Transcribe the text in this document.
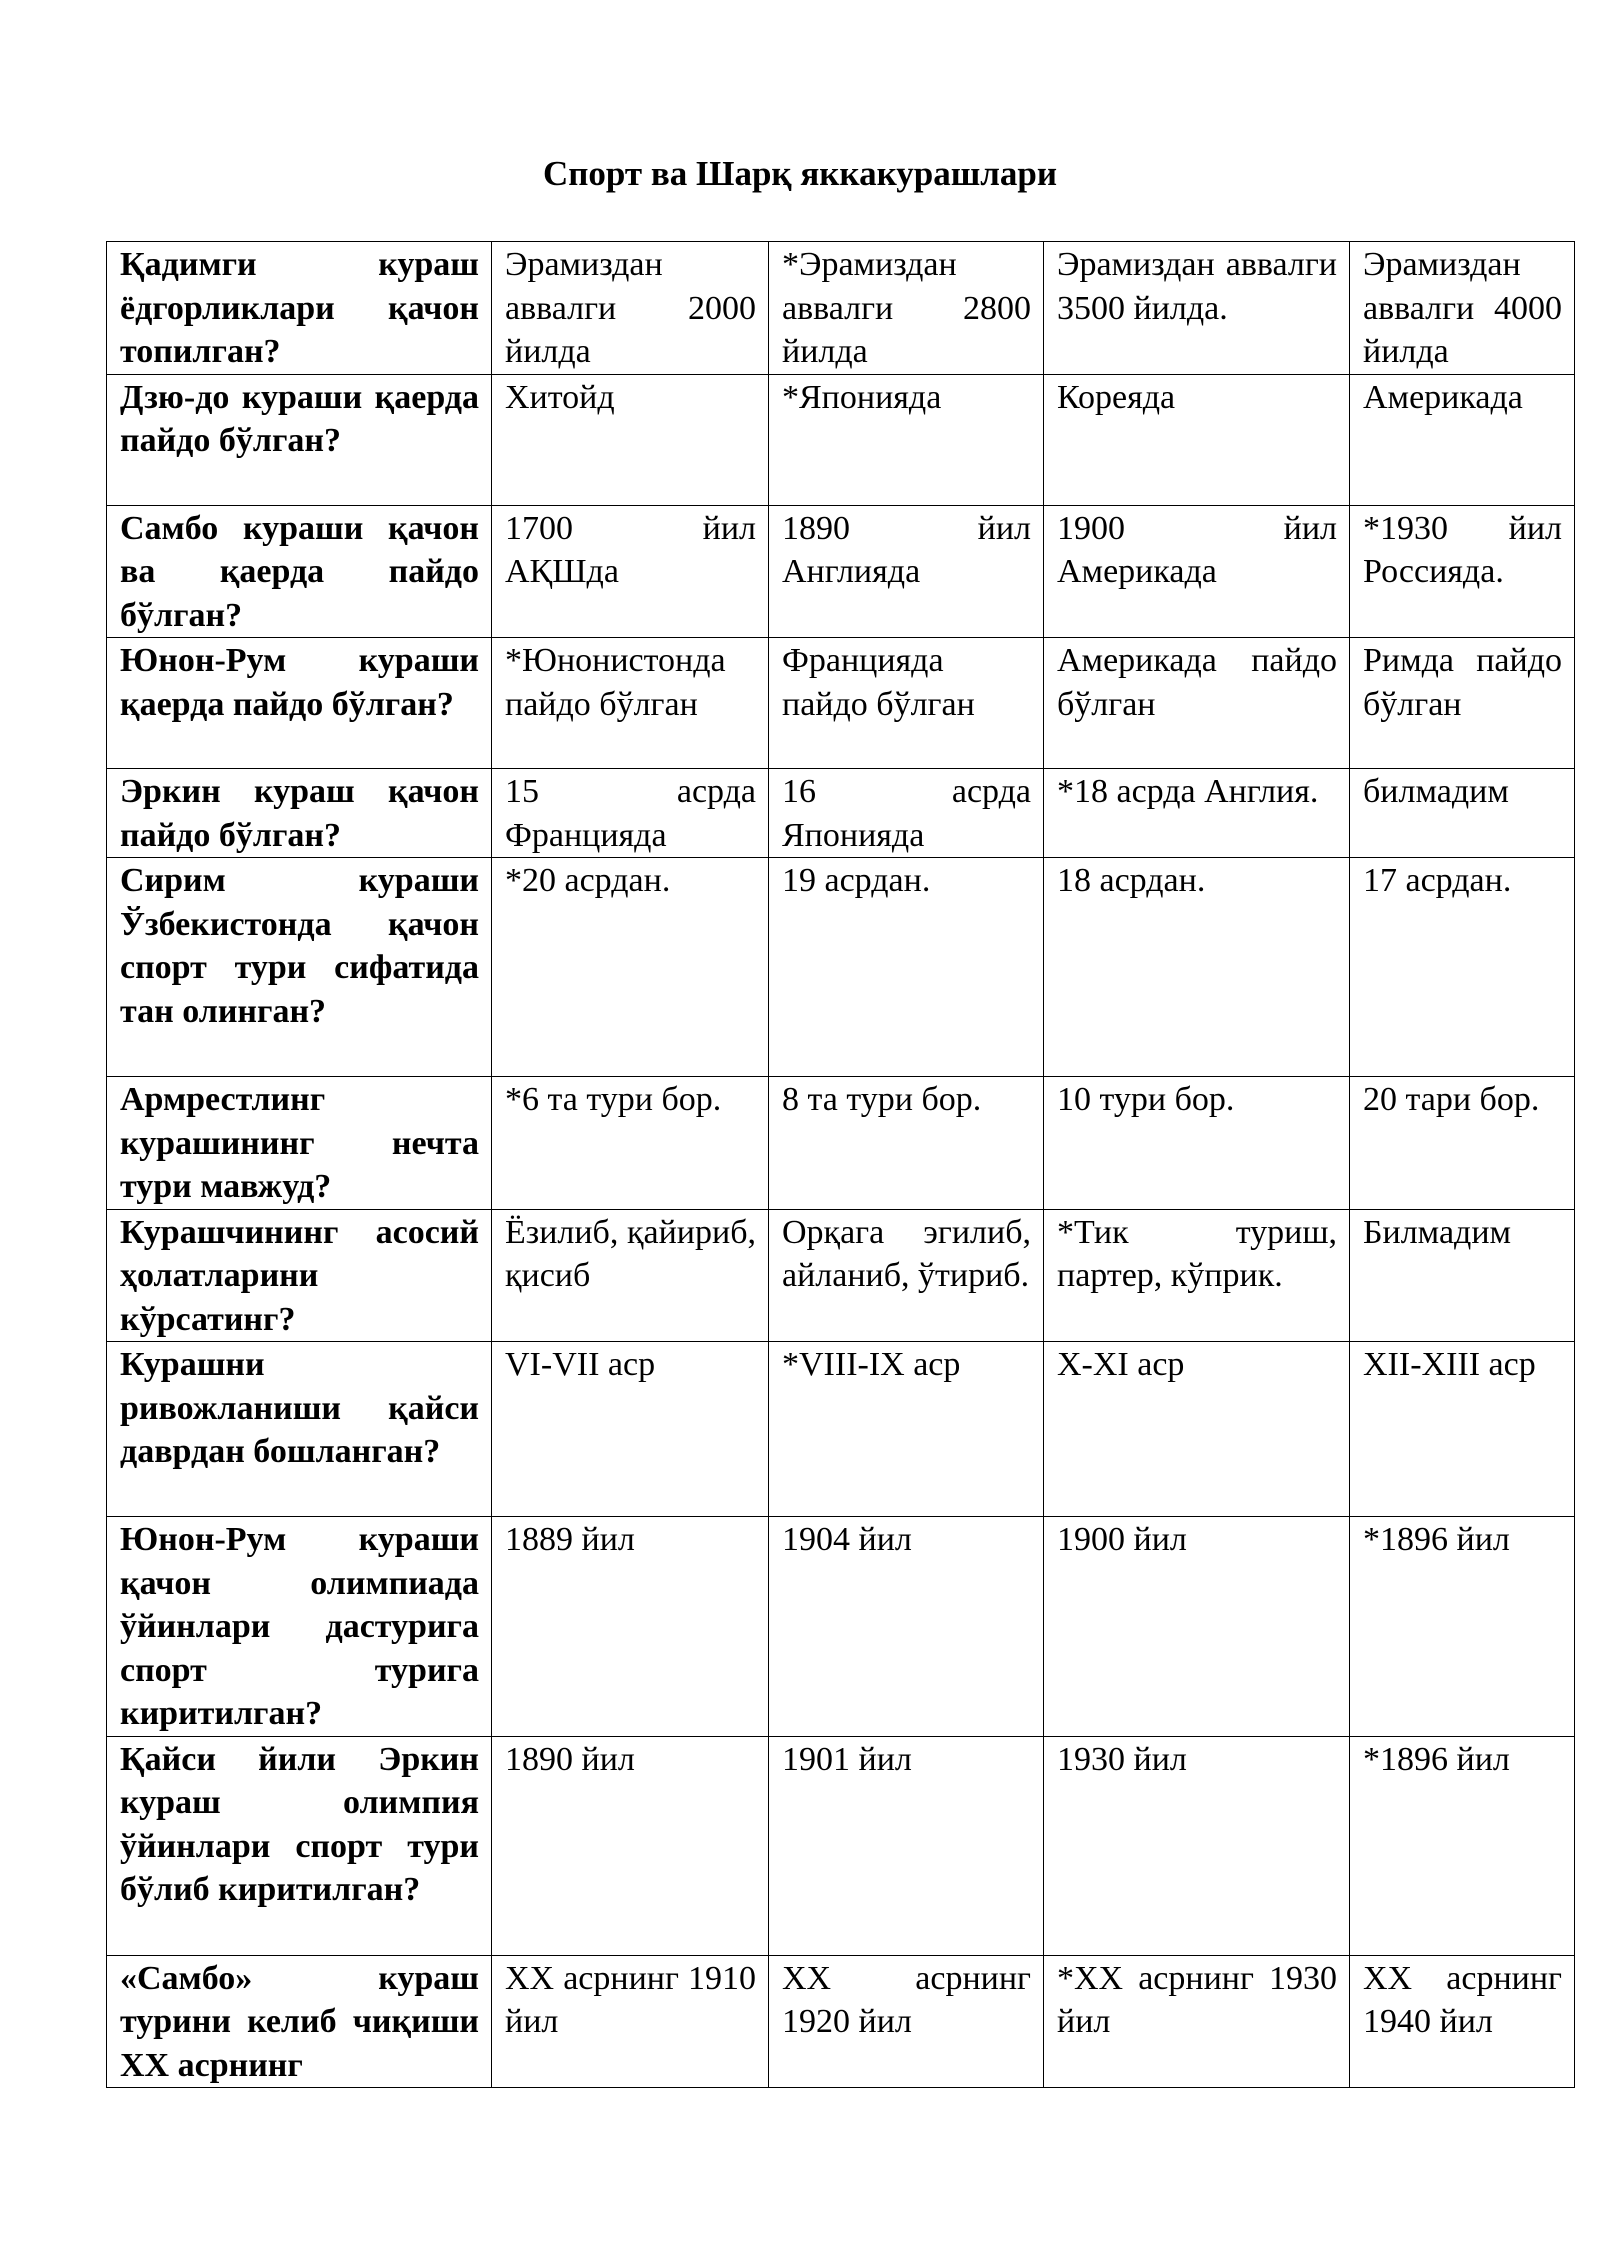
Спорт ва Шарқ яккакурашлари
Қадимги кураш ёдгорликлари қачон топилган?	Эрамиздан аввалги 2000 йилда	*Эрамиздан аввалги 2800 йилда	Эрамиздан аввалги 3500 йилда.	Эрамиздан аввалги 4000 йилда
Дзю-до кураши қаерда пайдо бўлган?	Хитойд	*Японияда	Кореяда	Америкада
Самбо кураши қачон ва қаерда пайдо бўлган?	1700 йил АҚШда	1890 йил Англияда	1900 йил Америкада	*1930 йил Россияда.
Юнон-Рум кураши қаерда пайдо бўлган?	*Юнонистонда пайдо бўлган	Францияда пайдо бўлган	Америкада пайдо бўлган	Римда пайдо бўлган
Эркин кураш қачон пайдо бўлган?	15 асрда Францияда	16 асрда Японияда	*18 асрда Англия.	билмадим
Сирим кураши Ўзбекистонда қачон спорт тури сифатида тан олинган?	*20 асрдан.	19 асрдан.	18 асрдан.	17 асрдан.
Армрестлинг курашининг нечта тури мавжуд?	*6 та тури бор.	8 та тури бор.	10 тури бор.	20 тари бор.
Курашчининг асосий ҳолатларини кўрсатинг?	Ёзилиб, қайириб, қисиб	Орқага эгилиб, айланиб, ўтириб.	*Тик туриш, партер, кўприк.	Билмадим
Курашни ривожланиши қайси даврдан бошланган?	VI-VII аср	*VIII-IX аср	X-XI аср	XII-XIII аср
Юнон-Рум кураши қачон олимпиада ўйинлари дастурига спорт турига киритилган?	1889 йил	1904 йил	1900 йил	*1896 йил
Қайси йили Эркин кураш олимпия ўйинлари спорт тури бўлиб киритилган?	1890 йил	1901 йил	1930 йил	*1896 йил
«Самбо» кураш турини келиб чиқиши XX асрнинг	XX асрнинг 1910 йил	XX асрнинг 1920 йил	*XX асрнинг 1930 йил	XX асрнинг 1940 йил
